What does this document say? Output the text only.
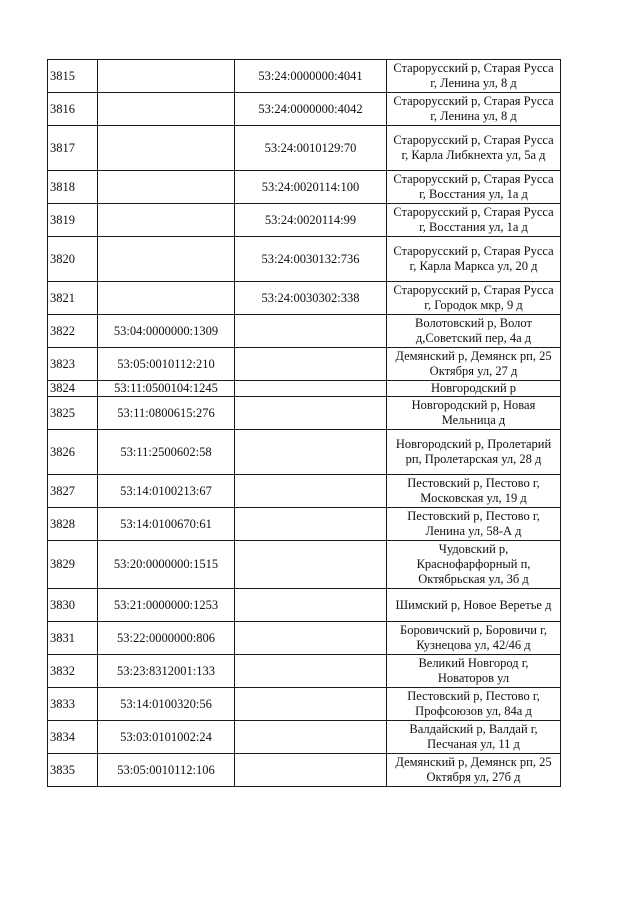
3815		53:24:0000000:4041	Старорусский р, Старая Русса г, Ленина ул, 8 д
3816		53:24:0000000:4042	Старорусский р, Старая Русса г, Ленина ул, 8 д
3817		53:24:0010129:70	Старорусский р, Старая Русса г, Карла Либкнехта ул, 5а д
3818		53:24:0020114:100	Старорусский р, Старая Русса г, Восстания ул, 1а д
3819		53:24:0020114:99	Старорусский р, Старая Русса г, Восстания ул, 1а д
3820		53:24:0030132:736	Старорусский р, Старая Русса г, Карла Маркса ул, 20 д
3821		53:24:0030302:338	Старорусский р, Старая Русса г, Городок мкр, 9 д
3822	53:04:0000000:1309		Волотовский р, Волот д,Советский пер, 4а д
3823	53:05:0010112:210		Демянский р, Демянск рп, 25 Октября ул, 27 д
3824	53:11:0500104:1245		Новгородский р
3825	53:11:0800615:276		Новгородский р, Новая Мельница д
3826	53:11:2500602:58		Новгородский р, Пролетарий рп, Пролетарская ул, 28 д
3827	53:14:0100213:67		Пестовский р, Пестово г, Московская ул, 19 д
3828	53:14:0100670:61		Пестовский р, Пестово г, Ленина ул, 58-А д
3829	53:20:0000000:1515		Чудовский р, Краснофарфорный п, Октябрьская ул, 3б д
3830	53:21:0000000:1253		Шимский р, Новое Веретье д
3831	53:22:0000000:806		Боровичский р, Боровичи г, Кузнецова ул, 42/46 д
3832	53:23:8312001:133		Великий Новгород г, Новаторов ул
3833	53:14:0100320:56		Пестовский р, Пестово г, Профсоюзов ул, 84а д
3834	53:03:0101002:24		Валдайский р, Валдай г, Песчаная ул, 11 д
3835	53:05:0010112:106		Демянский р, Демянск рп, 25 Октября ул, 27б д
